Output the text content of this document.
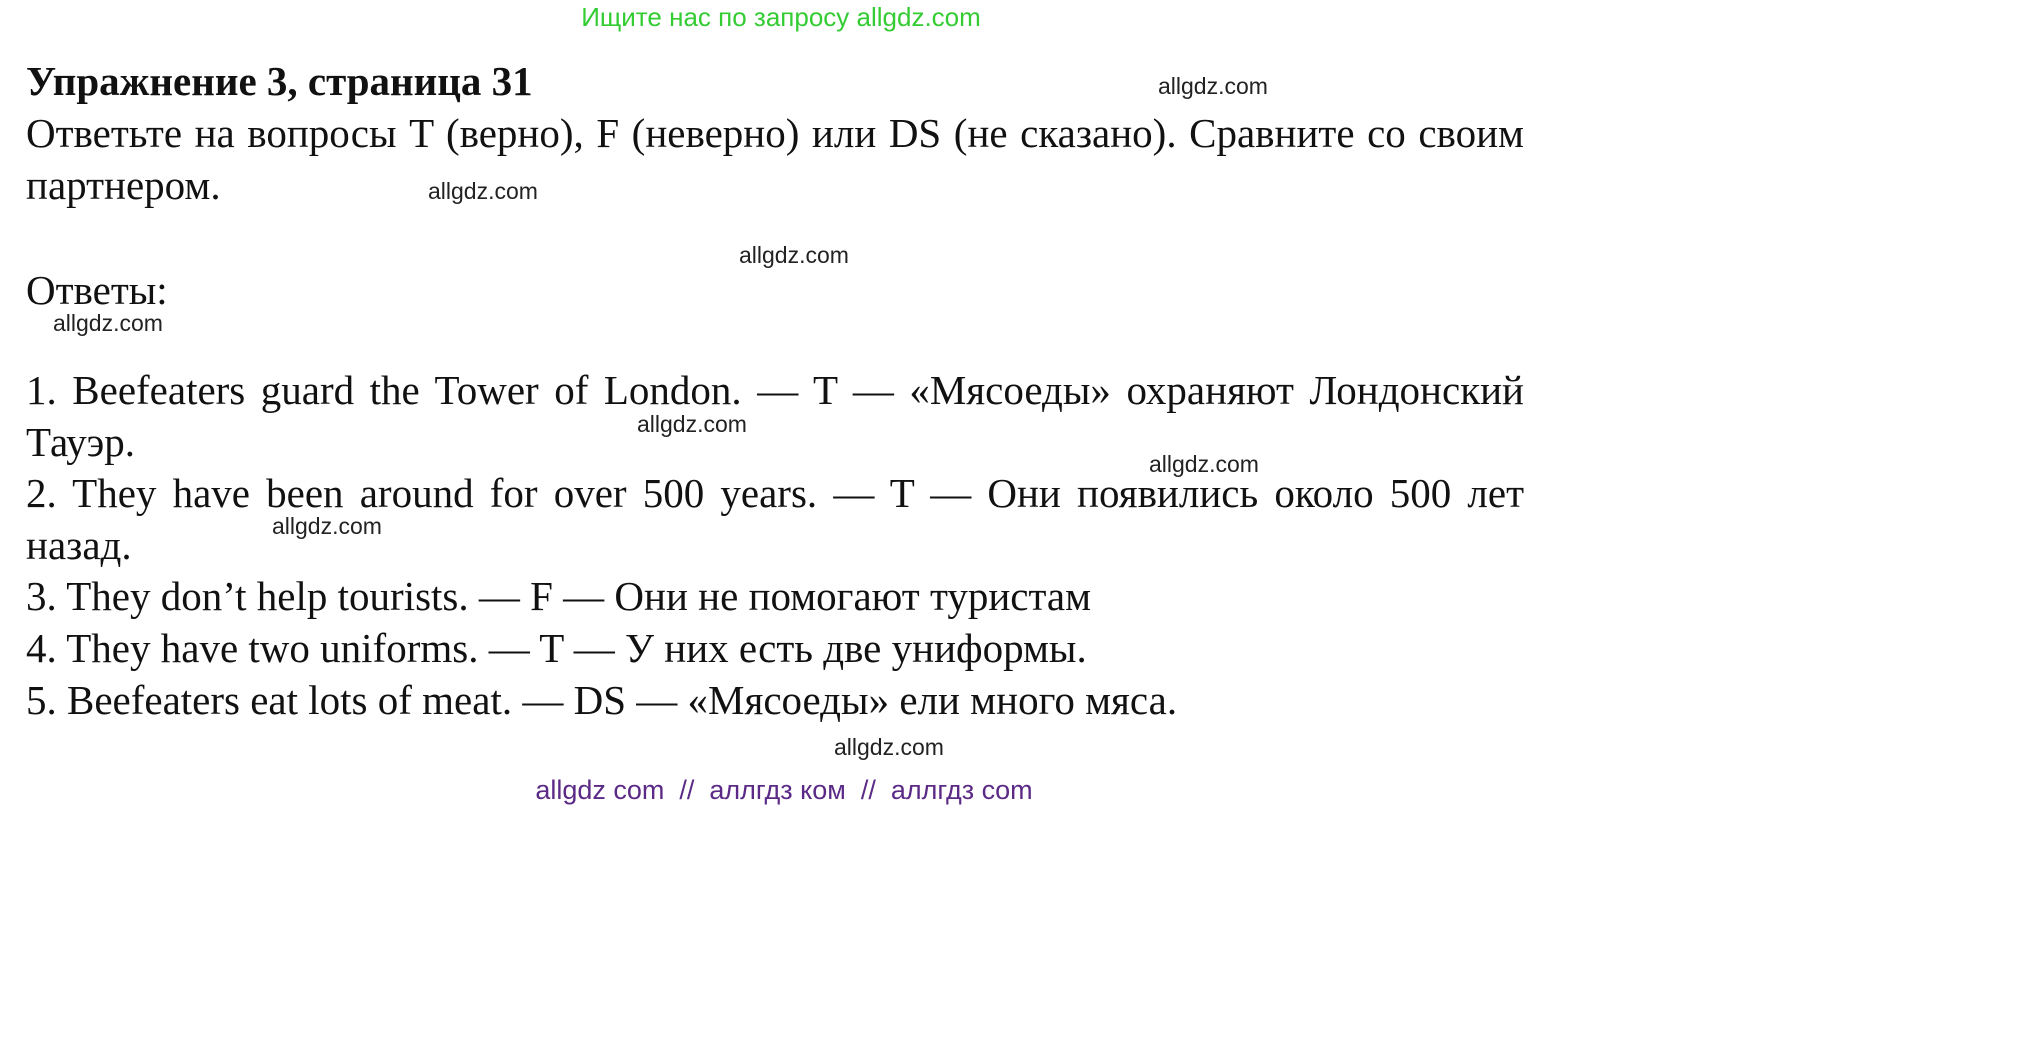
Ищите нас по запросу allgdz.com
Упражнение 3, страница 31

Ответьте на вопросы T (верно), F (неверно) или DS (не сказано). Сравните со своим партнером.

Ответы:

1. Beefeaters guard the Tower of London. — T — «Мясоеды» охраняют Лондонский Тауэр.
2. They have been around for over 500 years. — T — Они появились около 500 лет назад.
3. They don’t help tourists. — F — Они не помогают туристам
4. They have two uniforms. — T — У них есть две униформы.
5. Beefeaters eat lots of meat. — DS — «Мясоеды» ели много мяса.
allgdz.com
allgdz.com
allgdz.com
allgdz.com
allgdz.com
allgdz.com
allgdz.com
allgdz.com
allgdz com  //  аллгдз ком  //  аллгдз com
